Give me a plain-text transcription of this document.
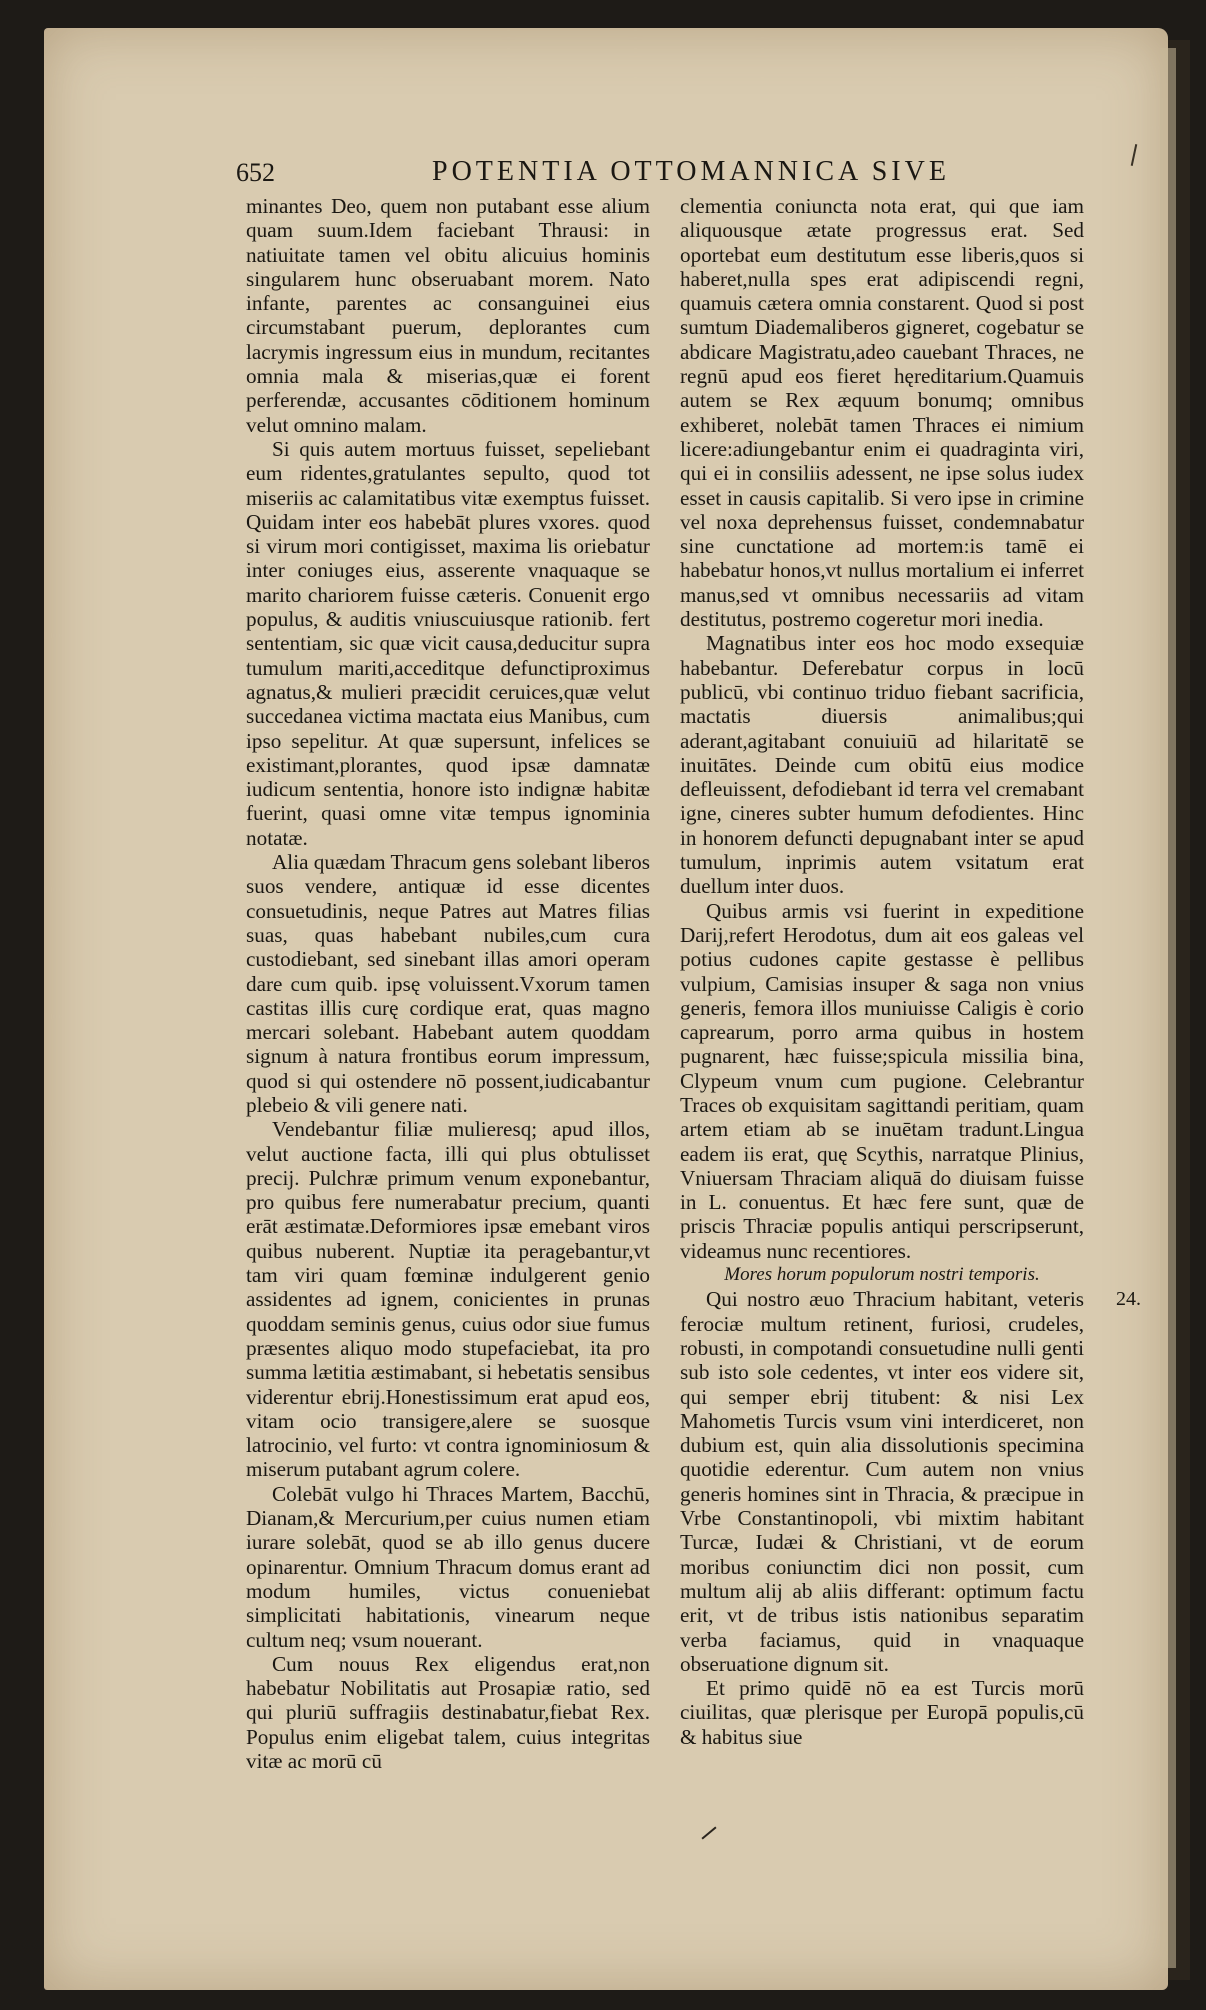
652	POTENTIA OTTOMANNICA SIVE

minantes Deo, quem non putabant esse alium quam suum.Idem faciebant Thrausi: in natiuitate tamen vel obitu alicuius hominis singularem hunc obseruabant morem. Nato infante, parentes ac consanguinei eius circumstabant puerum, deplorantes cum lacrymis ingressum eius in mundum, recitantes omnia mala & miserias,quæ ei forent perferendæ, accusantes cōditionem hominum velut omnino malam.

Si quis autem mortuus fuisset, sepeliebant eum ridentes,gratulantes sepulto, quod tot miseriis ac calamitatibus vitæ exemptus fuisset. Quidam inter eos habebāt plures vxores. quod si virum mori contigisset, maxima lis oriebatur inter coniuges eius, asserente vnaquaque se marito chariorem fuisse cæteris. Conuenit ergo populus, & auditis vniuscuiusque rationib. fert sententiam, sic quæ vicit causa,deducitur supra tumulum mariti,acceditque defunctiproximus agnatus,& mulieri præcidit ceruices,quæ velut succedanea victima mactata eius Manibus, cum ipso sepelitur. At quæ supersunt, infelices se existimant,plorantes, quod ipsæ damnatæ iudicum sententia, honore isto indignæ habitæ fuerint, quasi omne vitæ tempus ignominia notatæ.

Alia quædam Thracum gens solebant liberos suos vendere, antiquæ id esse dicentes consuetudinis, neque Patres aut Matres filias suas, quas habebant nubiles,cum cura custodiebant, sed sinebant illas amori operam dare cum quib. ipsę voluissent.Vxorum tamen castitas illis curę cordique erat, quas magno mercari solebant. Habebant autem quoddam signum à natura frontibus eorum impressum, quod si qui ostendere nō possent,iudicabantur plebeio & vili genere nati.

Vendebantur filiæ mulieresq; apud illos, velut auctione facta, illi qui plus obtulisset precij. Pulchræ primum venum exponebantur, pro quibus fere numerabatur precium, quanti erāt æstimatæ.Deformiores ipsæ emebant viros quibus nuberent. Nuptiæ ita peragebantur,vt tam viri quam fœminæ indulgerent genio assidentes ad ignem, conicientes in prunas quoddam seminis genus, cuius odor siue fumus præsentes aliquo modo stupefaciebat, ita pro summa lætitia æstimabant, si hebetatis sensibus viderentur ebrij.Honestissimum erat apud eos, vitam ocio transigere,alere se suosque latrocinio, vel furto: vt contra ignominiosum & miserum putabant agrum colere.

Colebāt vulgo hi Thraces Martem, Bacchū, Dianam,& Mercurium,per cuius numen etiam iurare solebāt, quod se ab illo genus ducere opinarentur. Omnium Thracum domus erant ad modum humiles, victus conueniebat simplicitati habitationis, vinearum neque cultum neq; vsum nouerant.

Cum nouus Rex eligendus erat,non habebatur Nobilitatis aut Prosapiæ ratio, sed qui pluriū suffragiis destinabatur,fiebat Rex. Populus enim eligebat talem, cuius integritas vitæ ac morū cū

clementia coniuncta nota erat, qui que iam aliquousque ætate progressus erat. Sed oportebat eum destitutum esse liberis,quos si haberet,nulla spes erat adipiscendi regni, quamuis cætera omnia constarent. Quod si post sumtum Diademaliberos gigneret, cogebatur se abdicare Magistratu,adeo cauebant Thraces, ne regnū apud eos fieret hęreditarium.Quamuis autem se Rex æquum bonumq; omnibus exhiberet, nolebāt tamen Thraces ei nimium licere:adiungebantur enim ei quadraginta viri, qui ei in consiliis adessent, ne ipse solus iudex esset in causis capitalib. Si vero ipse in crimine vel noxa deprehensus fuisset, condemnabatur sine cunctatione ad mortem:is tamē ei habebatur honos,vt nullus mortalium ei inferret manus,sed vt omnibus necessariis ad vitam destitutus, postremo cogeretur mori inedia.

Magnatibus inter eos hoc modo exsequiæ habebantur. Deferebatur corpus in locū publicū, vbi continuo triduo fiebant sacrificia, mactatis diuersis animalibus;qui aderant,agitabant conuiuiū ad hilaritatē se inuitātes. Deinde cum obitū eius modice defleuissent, defodiebant id terra vel cremabant igne, cineres subter humum defodientes. Hinc in honorem defuncti depugnabant inter se apud tumulum, inprimis autem vsitatum erat duellum inter duos.

Quibus armis vsi fuerint in expeditione Darij,refert Herodotus, dum ait eos galeas vel potius cudones capite gestasse è pellibus vulpium, Camisias insuper & saga non vnius generis, femora illos muniuisse Caligis è corio caprearum, porro arma quibus in hostem pugnarent, hæc fuisse;spicula missilia bina, Clypeum vnum cum pugione. Celebrantur Traces ob exquisitam sagittandi peritiam, quam artem etiam ab se inuētam tradunt.Lingua eadem iis erat, quę Scythis, narratque Plinius, Vniuersam Thraciam aliquā do diuisam fuisse in L. conuentus. Et hæc fere sunt, quæ de priscis Thraciæ populis antiqui perscripserunt, videamus nunc recentiores.

Mores horum populorum nostri temporis.

Qui nostro æuo Thracium habitant, veteris ferociæ multum retinent, furiosi, crudeles, robusti, in compotandi consuetudine nulli genti sub isto sole cedentes, vt inter eos videre sit, qui semper ebrij titubent: & nisi Lex Mahometis Turcis vsum vini interdiceret, non dubium est, quin alia dissolutionis specimina quotidie ederentur. Cum autem non vnius generis homines sint in Thracia, & præcipue in Vrbe Constantinopoli, vbi mixtim habitant Turcæ, Iudæi & Christiani, vt de eorum moribus coniunctim dici non possit, cum multum alij ab aliis differant: optimum factu erit, vt de tribus istis nationibus separatim verba faciamus, quid in vnaquaque obseruatione dignum sit.

Et primo quidē nō ea est Turcis morū ciuilitas, quæ plerisque per Europā populis,cū & habitus siue

24.
